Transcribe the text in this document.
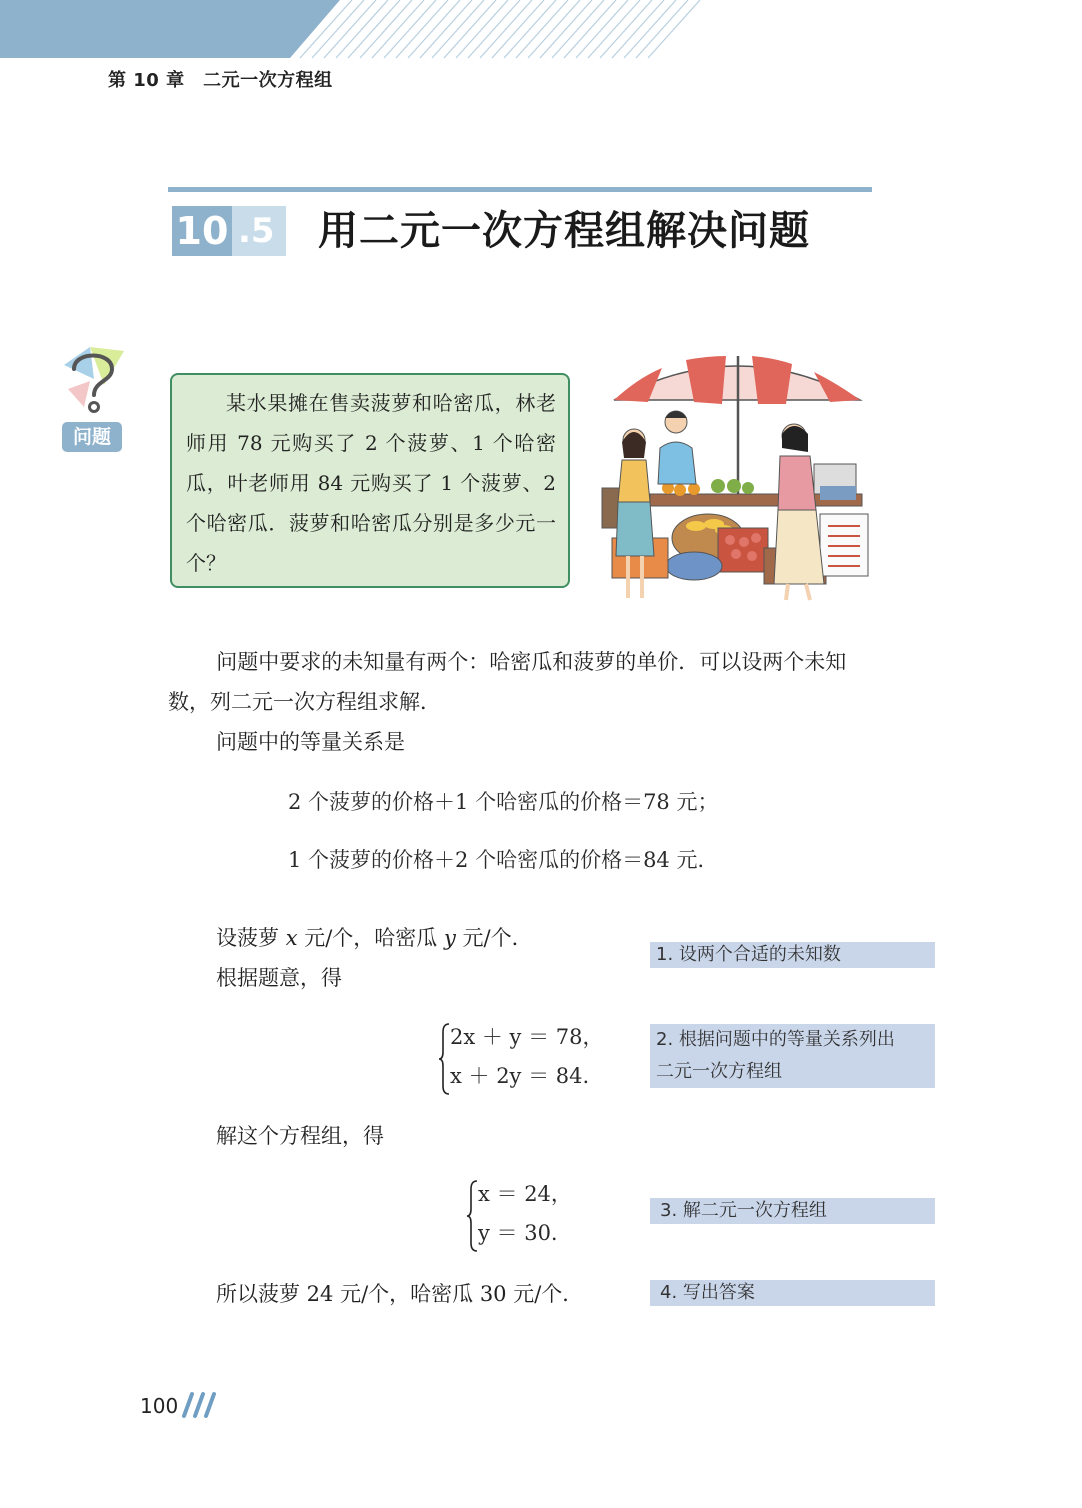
第 10 章　二元一次方程组
10 .5 用二元一次方程组解决问题
问题
某水果摊在售卖菠萝和哈密瓜，林老师用 78 元购买了 2 个菠萝、1 个哈密瓜，叶老师用 84 元购买了 1 个菠萝、2 个哈密瓜．菠萝和哈密瓜分别是多少元一个？
问题中要求的未知量有两个：哈密瓜和菠萝的单价．可以设两个未知数，列二元一次方程组求解．
问题中的等量关系是
2 个菠萝的价格＋1 个哈密瓜的价格＝78 元；
1 个菠萝的价格＋2 个哈密瓜的价格＝84 元．
设菠萝 x 元/个，哈密瓜 y 元/个．
根据题意，得
2x ＋ y ＝ 78，
x ＋ 2y ＝ 84.
解这个方程组，得
x ＝ 24，
y ＝ 30.
所以菠萝 24 元/个，哈密瓜 30 元/个．
1. 设两个合适的未知数
2. 根据问题中的等量关系列出
二元一次方程组
3. 解二元一次方程组
4. 写出答案
100
